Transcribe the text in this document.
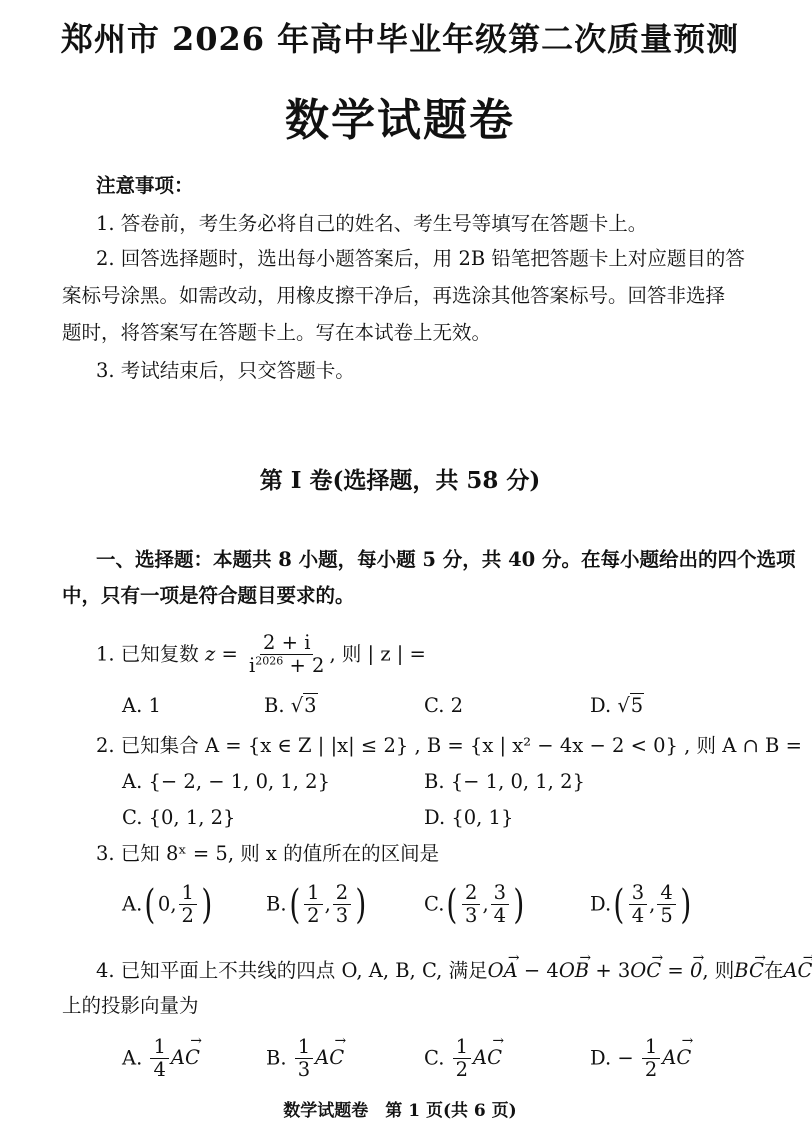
郑州市 2026 年高中毕业年级第二次质量预测
数学试题卷
注意事项：
1. 答卷前，考生务必将自己的姓名、考生号等填写在答题卡上。
2. 回答选择题时，选出每小题答案后，用 2B 铅笔把答题卡上对应题目的答
案标号涂黑。如需改动，用橡皮擦干净后，再选涂其他答案标号。回答非选择
题时，将答案写在答题卡上。写在本试卷上无效。
3. 考试结束后，只交答题卡。
第 I 卷(选择题，共 58 分)
一、选择题：本题共 8 小题，每小题 5 分，共 40 分。在每小题给出的四个选项
中，只有一项是符合题目要求的。
1. 已知复数 $z = \frac{2 + i}{i^{2026} + 2}$ , 则 | z | =
A. 1	B. √3	C. 2	D. √5
2. 已知集合 A = {x ∈ Z | |x| ≤ 2} , B = {x | x² − 4x − 2 < 0} , 则 A ∩ B =
A. {− 2, − 1, 0, 1, 2}	B. {− 1, 0, 1, 2}
C. {0, 1, 2}	D. {0, 1}
3. 已知 8ˣ = 5, 则 x 的值所在的区间是
A.( 0, $\frac{1}{2}$ )	$B.( \frac{1}{2}$ , $\frac{2}{3}$ )	$C.( \frac{2}{3}$ , $\frac{3}{4}$ )	$D.( \frac{3}{4}$ , $\frac{4}{5}$ )
4. 已知平面上不共线的四点 O, A, B, C, 满足OA → − 4OB → + 3OC → = 0 →, 则BC →在AC →
上的投影向量为
A. $\frac{1}{4}$ AC →	B. $\frac{1}{3}$ AC →	C. $\frac{1}{2}$ AC →	D. − $\frac{1}{2}$ AC →
数学试题卷　第 1 页(共 6 页)
